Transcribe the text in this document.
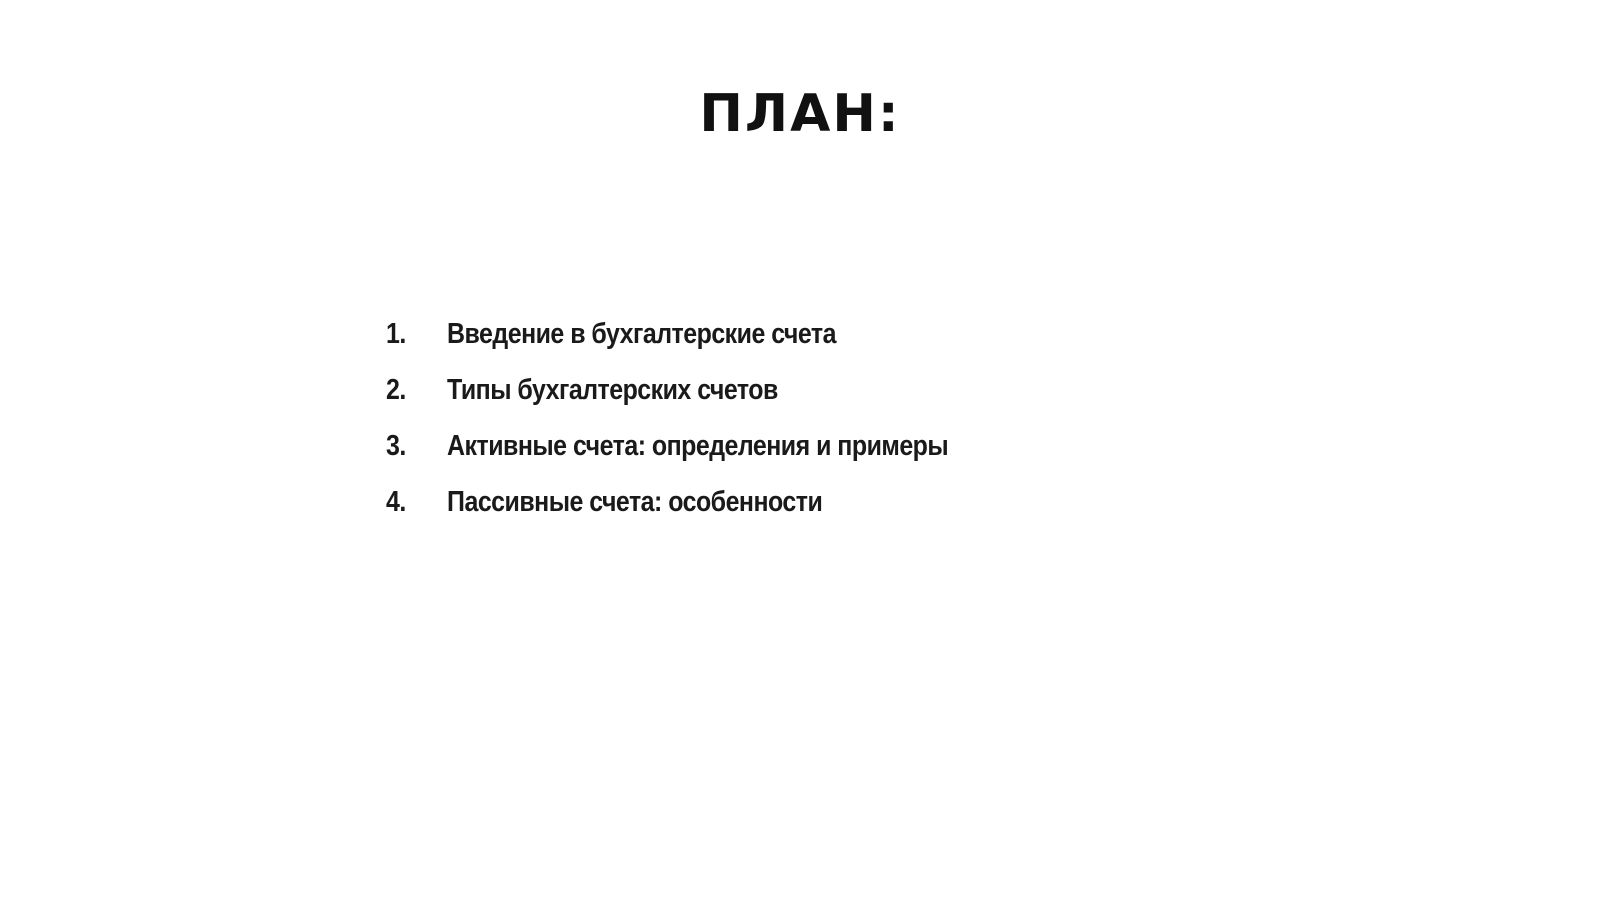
ПЛАН:
1.	Введение в бухгалтерские счета
2.	Типы бухгалтерских счетов
3.	Активные счета: определения и примеры
4.	Пассивные счета: особенности
